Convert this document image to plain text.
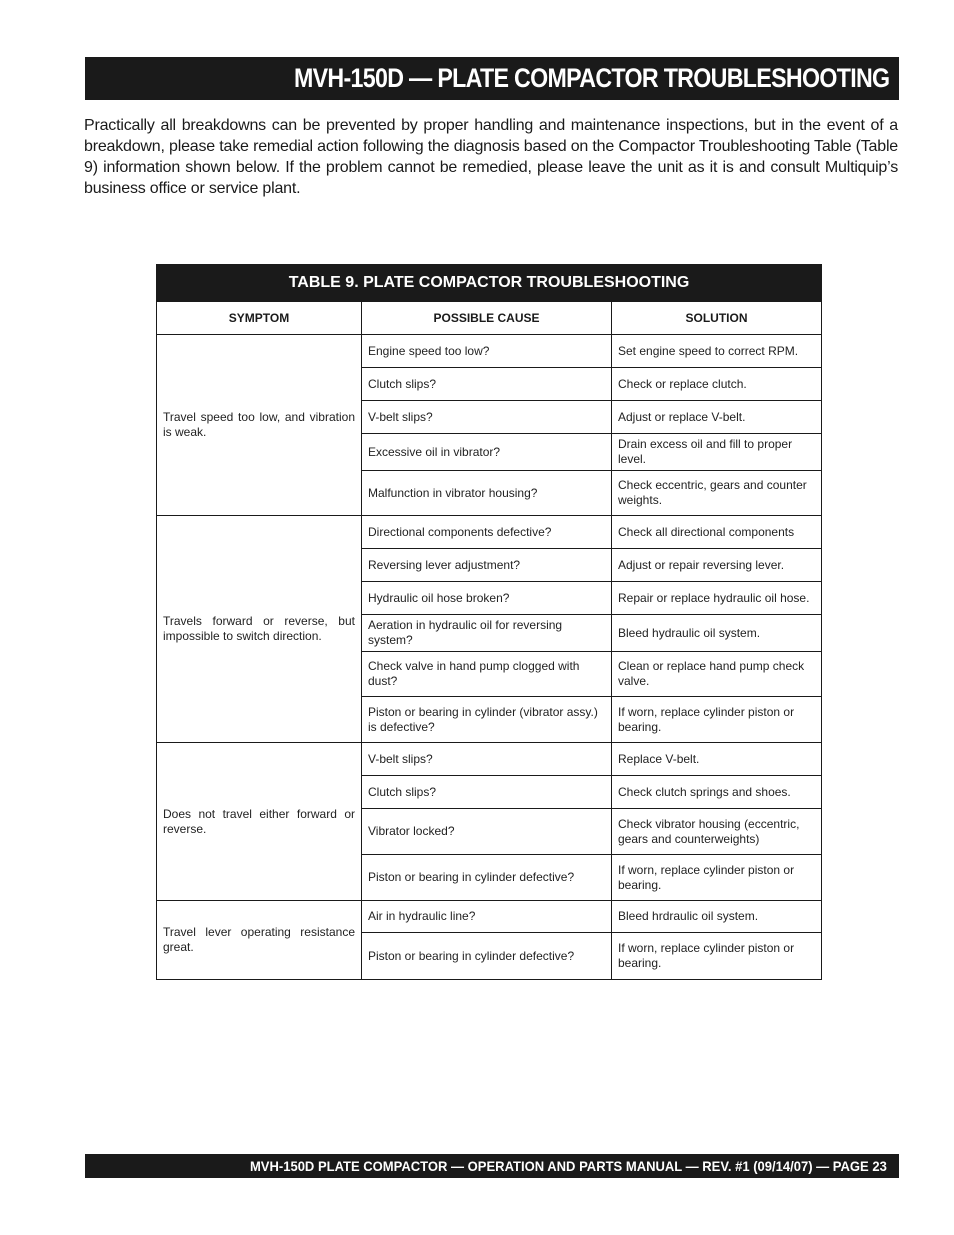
MVH-150D — PLATE COMPACTOR TROUBLESHOOTING

Practically all breakdowns can be prevented by proper handling and maintenance inspections, but in the event of a breakdown, please take remedial action following the diagnosis based on the Compactor Troubleshooting Table (Table 9) information shown below. If the problem cannot be remedied, please leave the unit as it is and consult Multiquip’s business office or service plant.

TABLE 9. PLATE COMPACTOR TROUBLESHOOTING		
SYMPTOM	POSSIBLE CAUSE	SOLUTION
Travel speed too low, and vibration is weak.	Engine speed too low?	Set engine speed to correct RPM.
	Clutch slips?	Check or replace clutch.
	V-belt slips?	Adjust or replace V-belt.
	Excessive oil in vibrator?	Drain excess oil and fill to proper level.
	Malfunction in vibrator housing?	Check eccentric, gears and counter weights.
Travels forward or reverse, but impossible to switch direction.	Directional components defective?	Check all directional components
	Reversing lever adjustment?	Adjust or repair reversing lever.
	Hydraulic oil hose broken?	Repair or replace hydraulic oil hose.
	Aeration in hydraulic oil for reversing system?	Bleed hydraulic oil system.
	Check valve in hand pump clogged with dust?	Clean or replace hand pump check valve.
	Piston or bearing in cylinder (vibrator assy.) is defective?	If worn, replace cylinder piston or bearing.
Does not travel either forward or reverse.	V-belt slips?	Replace V-belt.
	Clutch slips?	Check clutch springs and shoes.
	Vibrator locked?	Check vibrator housing (eccentric, gears and counterweights)
	Piston or bearing in cylinder defective?	If worn, replace cylinder piston or bearing.
Travel lever operating resistance great.	Air in hydraulic line?	Bleed hrdraulic oil system.
	Piston or bearing in cylinder defective?	If worn, replace cylinder piston or bearing.
MVH-150D PLATE COMPACTOR — OPERATION AND PARTS MANUAL — REV. #1 (09/14/07) — PAGE 23
